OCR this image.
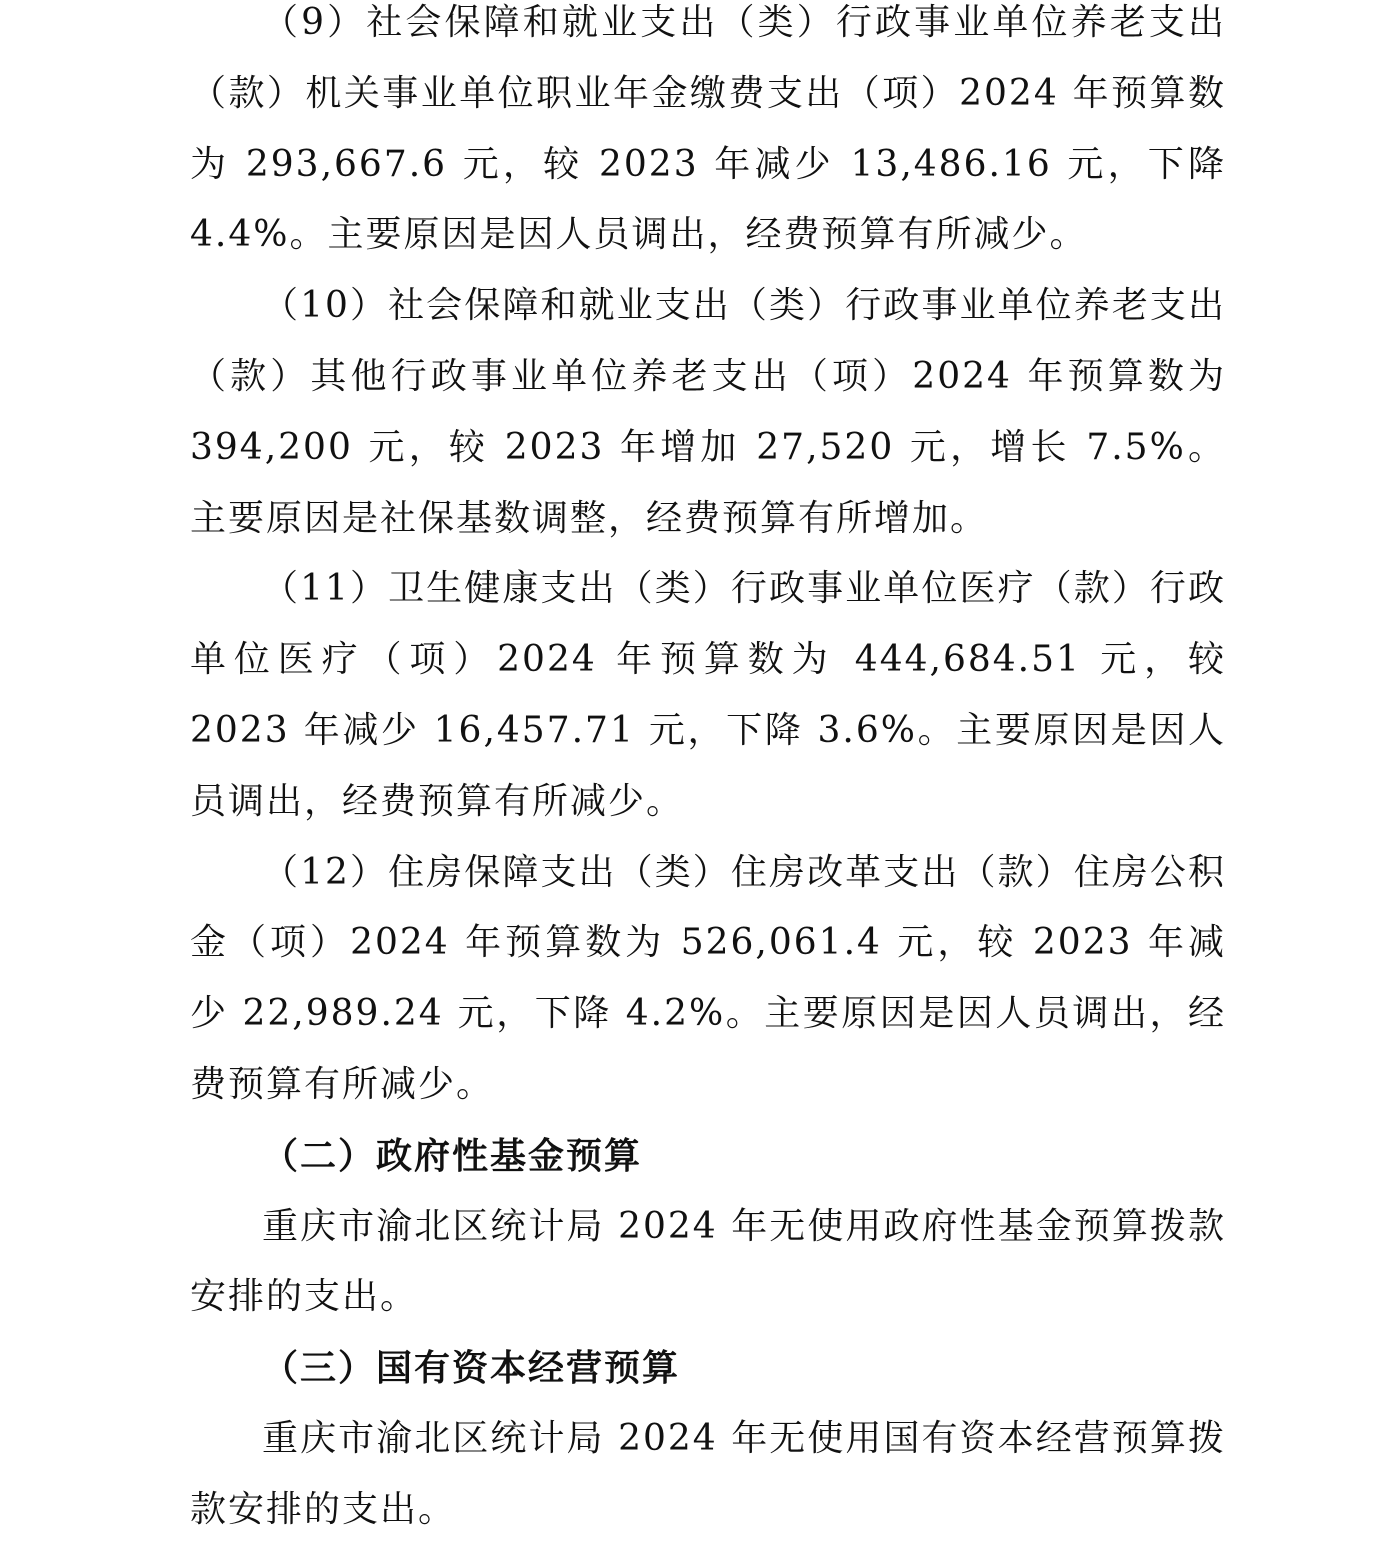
（9）社会保障和就业支出（类）行政事业单位养老支出（款）机关事业单位职业年金缴费支出（项）2024 年预算数为 293,667.6 元，较 2023 年减少 13,486.16 元，下降 4.4%。主要原因是因人员调出，经费预算有所减少。

（10）社会保障和就业支出（类）行政事业单位养老支出（款）其他行政事业单位养老支出（项）2024 年预算数为 394,200 元，较 2023 年增加 27,520 元，增长 7.5%。主要原因是社保基数调整，经费预算有所增加。

（11）卫生健康支出（类）行政事业单位医疗（款）行政单位医疗（项）2024 年预算数为 444,684.51 元，较 2023 年减少 16,457.71 元，下降 3.6%。主要原因是因人员调出，经费预算有所减少。

（12）住房保障支出（类）住房改革支出（款）住房公积金（项）2024 年预算数为 526,061.4 元，较 2023 年减少 22,989.24 元，下降 4.2%。主要原因是因人员调出，经费预算有所减少。

（二）政府性基金预算

重庆市渝北区统计局 2024 年无使用政府性基金预算拨款安排的支出。

（三）国有资本经营预算

重庆市渝北区统计局 2024 年无使用国有资本经营预算拨款安排的支出。
